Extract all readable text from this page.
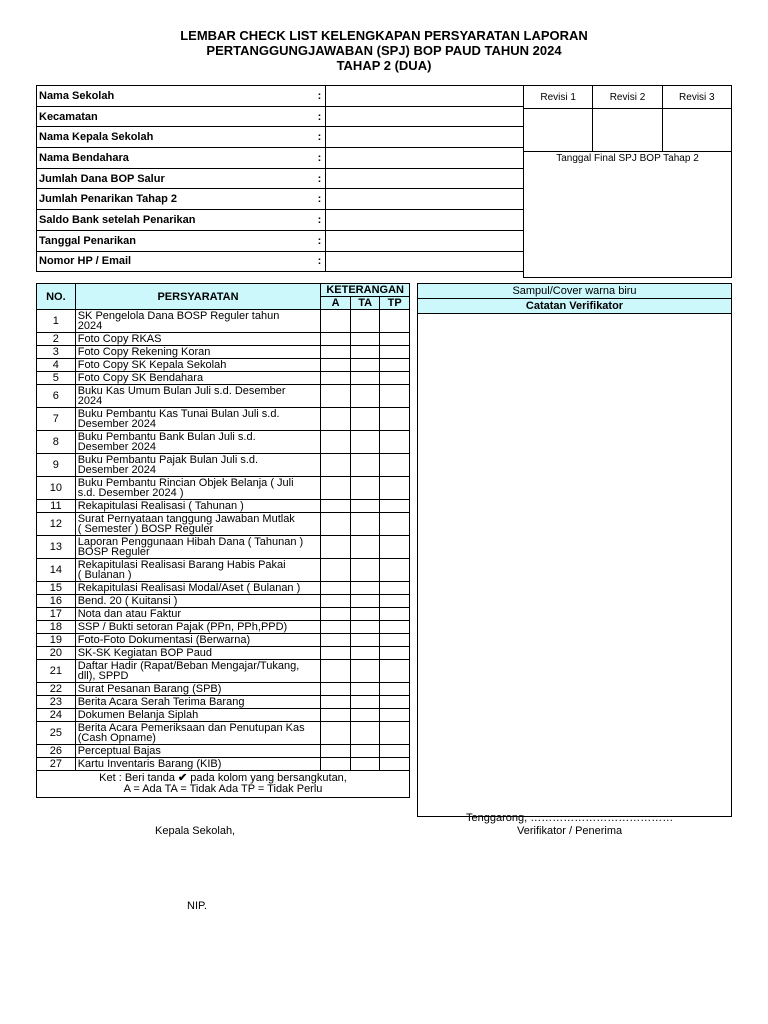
LEMBAR CHECK LIST KELENGKAPAN PERSYARATAN LAPORAN
PERTANGGUNGJAWABAN (SPJ) BOP PAUD TAHUN 2024
TAHAP 2 (DUA)
Nama Sekolah	:	
Kecamatan	:	
Nama Kepala Sekolah	:	
Nama Bendahara	:	
Jumlah Dana BOP Salur	:	
Jumlah Penarikan Tahap 2	:	
Saldo Bank setelah Penarikan	:	
Tanggal Penarikan	:	
Nomor HP / Email	:	
Revisi 1	Revisi 2	Revisi 3

Tanggal Final SPJ BOP Tahap 2		
NO.	PERSYARATAN	KETERANGAN		
		A	TA	TP
1	SK Pengelola Dana BOSP Reguler tahun
2024			
2	Foto Copy RKAS			
3	Foto Copy Rekening Koran			
4	Foto Copy SK Kepala Sekolah			
5	Foto Copy SK Bendahara			
6	Buku Kas Umum Bulan Juli s.d. Desember
2024			
7	Buku Pembantu Kas Tunai Bulan Juli s.d.
Desember 2024			
8	Buku Pembantu Bank Bulan Juli s.d.
Desember 2024			
9	Buku Pembantu Pajak Bulan Juli s.d.
Desember 2024			
10	Buku Pembantu Rincian Objek Belanja ( Juli
s.d. Desember 2024 )			
11	Rekapitulasi Realisasi ( Tahunan )			
12	Surat Pernyataan tanggung Jawaban Mutlak
( Semester ) BOSP Reguler			
13	Laporan Penggunaan Hibah Dana ( Tahunan )
BOSP Reguler			
14	Rekapitulasi Realisasi Barang Habis Pakai
( Bulanan )			
15	Rekapitulasi Realisasi Modal/Aset ( Bulanan )			
16	Bend. 20 ( Kuitansi )			
17	Nota dan atau Faktur			
18	SSP / Bukti setoran Pajak (PPn, PPh,PPD)			
19	Foto-Foto Dokumentasi (Berwarna)			
20	SK-SK Kegiatan BOP Paud			
21	Daftar Hadir (Rapat/Beban Mengajar/Tukang,
dll), SPPD			
22	Surat Pesanan Barang (SPB)			
23	Berita Acara Serah Terima Barang			
24	Dokumen Belanja Siplah			
25	Berita Acara Pemeriksaan dan Penutupan Kas
(Cash Opname)			
26	Perceptual Bajas			
27	Kartu Inventaris Barang (KIB)			
Ket : Beri tanda ✔ pada kolom yang bersangkutan,
A = Ada TA = Tidak Ada TP = Tidak Perlu				
Sampul/Cover warna biru
Catatan Verifikator

Tenggarong, …………………………………
Kepala Sekolah,	Verifikator / Penerima
NIP.
